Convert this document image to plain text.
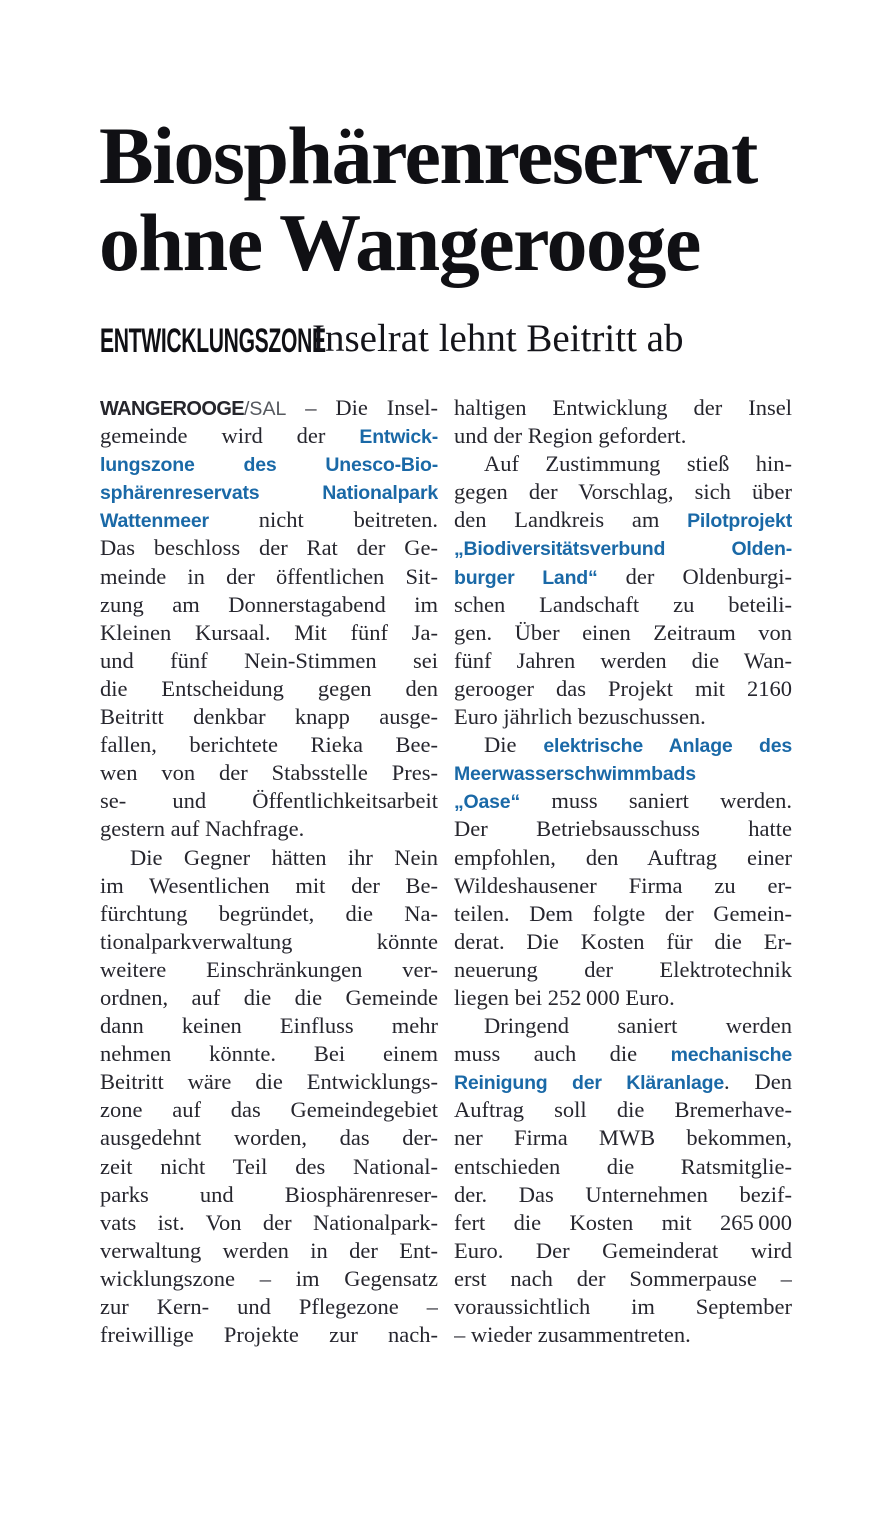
Biosphärenreservat
ohne Wangerooge
ENTWICKLUNGSZONE
Inselrat lehnt Beitritt ab
WANGEROOGE/SAL – Die Insel-
gemeinde wird der Entwick-
lungszone des Unesco-Bio-
sphärenreservats Nationalpark
Wattenmeer nicht beitreten.
Das beschloss der Rat der Ge-
meinde in der öffentlichen Sit-
zung am Donnerstagabend im
Kleinen Kursaal. Mit fünf Ja-
und fünf Nein-Stimmen sei
die Entscheidung gegen den
Beitritt denkbar knapp ausge-
fallen, berichtete Rieka Bee-
wen von der Stabsstelle Pres-
se- und Öffentlichkeitsarbeit
gestern auf Nachfrage.
Die Gegner hätten ihr Nein
im Wesentlichen mit der Be-
fürchtung begründet, die Na-
tionalparkverwaltung könnte
weitere Einschränkungen ver-
ordnen, auf die die Gemeinde
dann keinen Einfluss mehr
nehmen könnte. Bei einem
Beitritt wäre die Entwicklungs-
zone auf das Gemeindegebiet
ausgedehnt worden, das der-
zeit nicht Teil des National-
parks und Biosphärenreser-
vats ist. Von der Nationalpark-
verwaltung werden in der Ent-
wicklungszone – im Gegensatz
zur Kern- und Pflegezone –
freiwillige Projekte zur nach-
haltigen Entwicklung der Insel
und der Region gefordert.
Auf Zustimmung stieß hin-
gegen der Vorschlag, sich über
den Landkreis am Pilotprojekt
„Biodiversitätsverbund Olden-
burger Land“ der Oldenburgi-
schen Landschaft zu beteili-
gen. Über einen Zeitraum von
fünf Jahren werden die Wan-
gerooger das Projekt mit 2160
Euro jährlich bezuschussen.
Die elektrische Anlage des
Meerwasserschwimmbads
„Oase“ muss saniert werden.
Der Betriebsausschuss hatte
empfohlen, den Auftrag einer
Wildeshausener Firma zu er-
teilen. Dem folgte der Gemein-
derat. Die Kosten für die Er-
neuerung der Elektrotechnik
liegen bei 252 000 Euro.
Dringend saniert werden
muss auch die mechanische
Reinigung der Kläranlage. Den
Auftrag soll die Bremerhave-
ner Firma MWB bekommen,
entschieden die Ratsmitglie-
der. Das Unternehmen bezif-
fert die Kosten mit 265 000
Euro. Der Gemeinderat wird
erst nach der Sommerpause –
voraussichtlich im September
– wieder zusammentreten.
